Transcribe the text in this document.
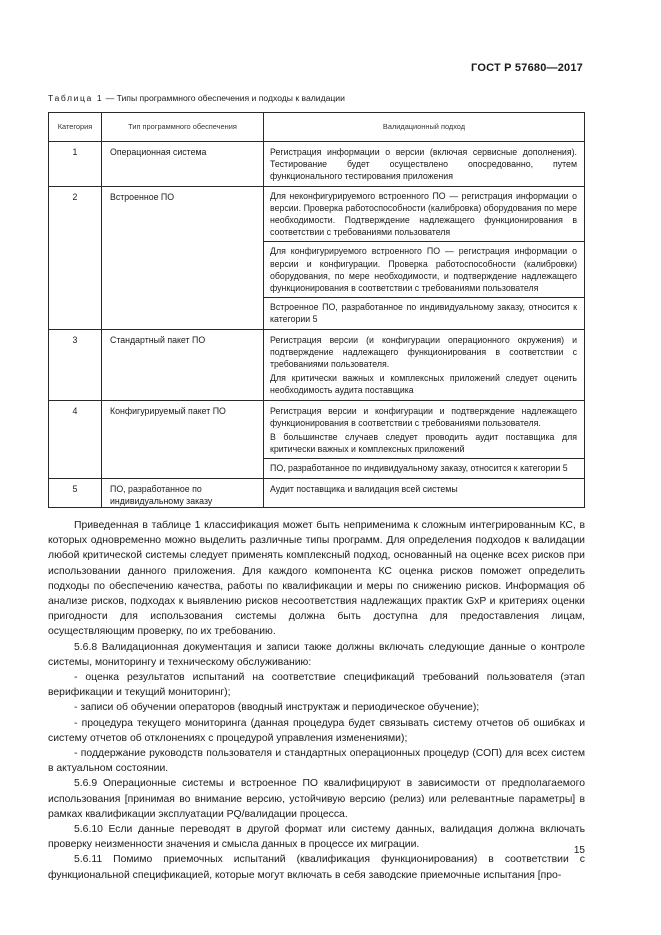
ГОСТ Р 57680—2017
Таблица 1 — Типы программного обеспечения и подходы к валидации
Категория	Тип программного обеспечения	Валидационный подход
1	Операционная система	Регистрация информации о версии (включая сервисные дополнения). Тестирование будет осуществлено опосредованно, путем функционального тестирования приложения

2	Встроенное ПО	Для неконфигурируемого встроенного ПО — регистрация информации о версии. Проверка работоспособности (калибровка) оборудования по мере необходимости. Подтверждение надлежащего функционирования в соответствии с требованиями пользователя
Для конфигурируемого встроенного ПО — регистрация информации о версии и конфигурации. Проверка работоспособности (калибровки) оборудования, по мере необходимости, и подтверждение надлежащего функционирования в соответствии с требованиями пользователя
Встроенное ПО, разработанное по индивидуальному заказу, относится к категории 5

3	Стандартный пакет ПО	Регистрация версии (и конфигурации операционного окружения) и подтверждение надлежащего функционирования в соответствии с требованиями пользователя.
Для критически важных и комплексных приложений следует оценить необходимость аудита поставщика

4	Конфигурируемый пакет ПО	Регистрация версии и конфигурации и подтверждение надлежащего функционирования в соответствии с требованиями пользователя.
В большинстве случаев следует проводить аудит поставщика для критически важных и комплексных приложений
ПО, разработанное по индивидуальному заказу, относится к категории 5

5	ПО, разработанное по индивидуальному заказу	Аудит поставщика и валидация всей системы

Приведенная в таблице 1 классификация может быть неприменима к сложным интегрированным КС, в которых одновременно можно выделить различные типы программ. Для определения подходов к валидации любой критической системы следует применять комплексный подход, основанный на оценке всех рисков при использовании данного приложения. Для каждого компонента КС оценка рисков поможет определить подходы по обеспечению качества, работы по квалификации и меры по снижению рисков. Информация об анализе рисков, подходах к выявлению рисков несоответствия надлежащих практик GxP и критериях оценки пригодности для использования системы должна быть доступна для предоставления лицам, осуществляющим проверку, по их требованию.

5.6.8 Валидационная документация и записи также должны включать следующие данные о контроле системы, мониторингу и техническому обслуживанию:

- оценка результатов испытаний на соответствие спецификаций требований пользователя (этап верификации и текущий мониторинг);

- записи об обучении операторов (вводный инструктаж и периодическое обучение);

- процедура текущего мониторинга (данная процедура будет связывать систему отчетов об ошибках и систему отчетов об отклонениях с процедурой управления изменениями);

- поддержание руководств пользователя и стандартных операционных процедур (СОП) для всех систем в актуальном состоянии.

5.6.9 Операционные системы и встроенное ПО квалифицируют в зависимости от предполагаемого использования [принимая во внимание версию, устойчивую версию (релиз) или релевантные параметры] в рамках квалификации эксплуатации PQ/валидации процесса.

5.6.10 Если данные переводят в другой формат или систему данных, валидация должна включать проверку неизменности значения и смысла данных в процессе их миграции.

5.6.11 Помимо приемочных испытаний (квалификация функционирования) в соответствии с функциональной спецификацией, которые могут включать в себя заводские приемочные испытания [про-

15
